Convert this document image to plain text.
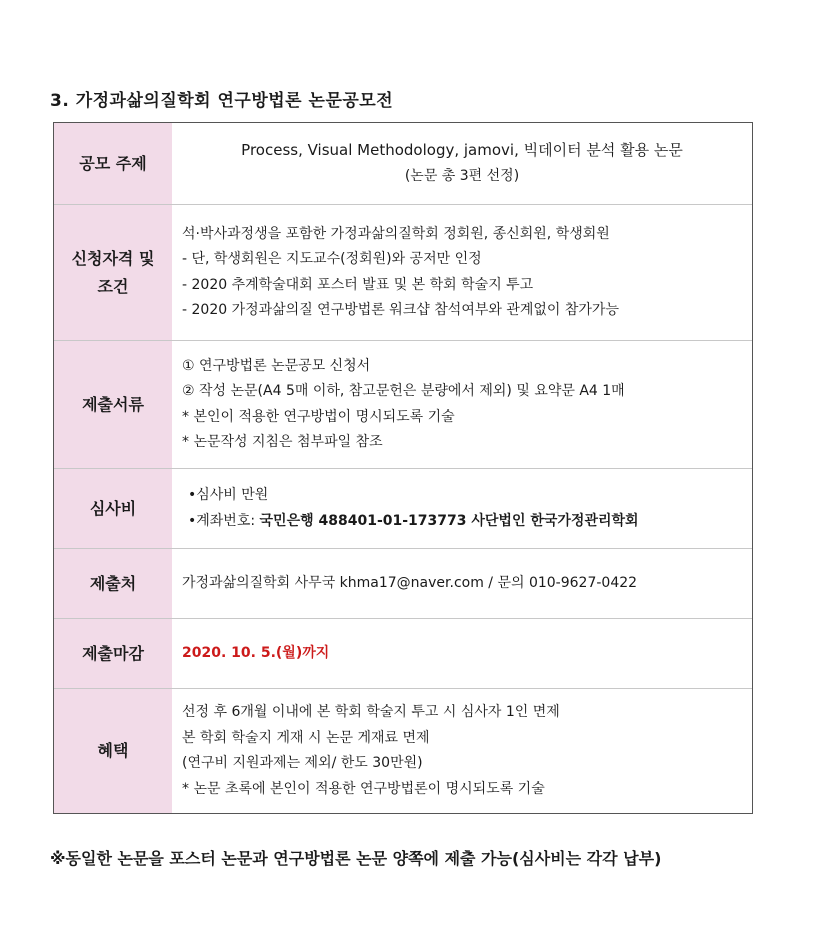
3. 가정과삶의질학회 연구방법론 논문공모전
공모 주제
Process, Visual Methodology, jamovi, 빅데이터 분석 활용 논문
(논문 총 3편 선정)
신청자격 및
조건
석·박사과정생을 포함한 가정과삶의질학회 정회원, 종신회원, 학생회원
- 단, 학생회원은 지도교수(정회원)와 공저만 인정
- 2020 추계학술대회 포스터 발표 및 본 학회 학술지 투고
- 2020 가정과삶의질 연구방법론 워크샵 참석여부와 관계없이 참가가능
제출서류
① 연구방법론 논문공모 신청서
② 작성 논문(A4 5매 이하, 참고문헌은 분량에서 제외) 및 요약문 A4 1매
* 본인이 적용한 연구방법이 명시되도록 기술
* 논문작성 지침은 첨부파일 참조
심사비
•심사비 만원
•계좌번호: 국민은행 488401-01-173773 사단법인 한국가정관리학회
제출처	가정과삶의질학회 사무국 khma17@naver.com / 문의 010-9627-0422
제출마감	2020. 10. 5.(월)까지
혜택
선정 후 6개월 이내에 본 학회 학술지 투고 시 심사자 1인 면제
본 학회 학술지 게재 시 논문 게재료 면제
(연구비 지원과제는 제외/ 한도 30만원)
* 논문 초록에 본인이 적용한 연구방법론이 명시되도록 기술
※동일한 논문을 포스터 논문과 연구방법론 논문 양쪽에 제출 가능(심사비는 각각 납부)
